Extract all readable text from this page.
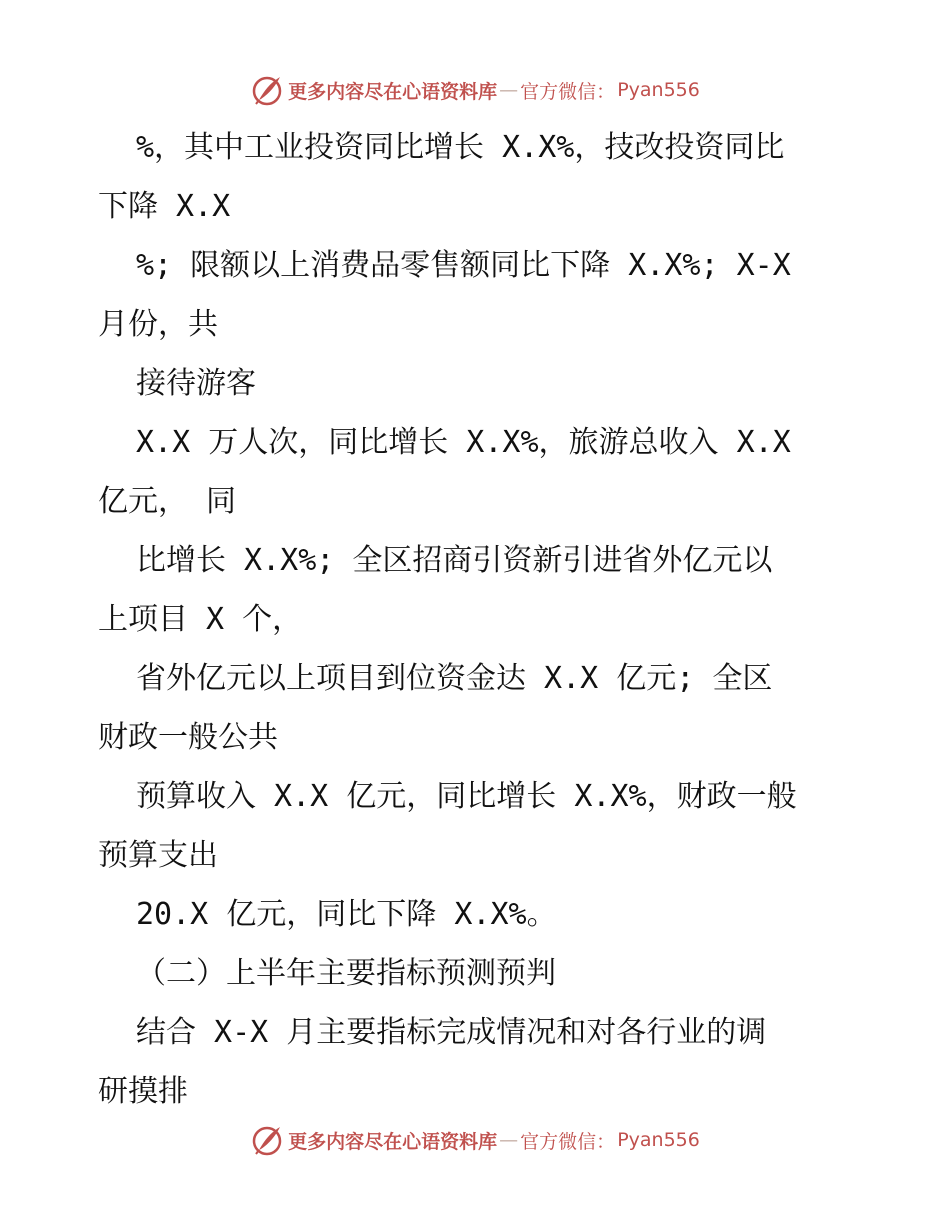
更多内容尽在心语资料库 — 官方微信： Pyan556

%，其中工业投资同比增长 X.X%，技改投资同比

下降 X.X

%; 限额以上消费品零售额同比下降 X.X%; X-X

月份，共

接待游客

X.X 万人次，同比增长 X.X%，旅游总收入 X.X

亿元， 同

比增长 X.X%; 全区招商引资新引进省外亿元以

上项目 X 个，

省外亿元以上项目到位资金达 X.X 亿元; 全区

财政一般公共

预算收入 X.X 亿元，同比增长 X.X%，财政一般

预算支出

20.X 亿元，同比下降 X.X%。

（二）上半年主要指标预测预判

结合 X-X 月主要指标完成情况和对各行业的调

研摸排

更多内容尽在心语资料库 — 官方微信： Pyan556
